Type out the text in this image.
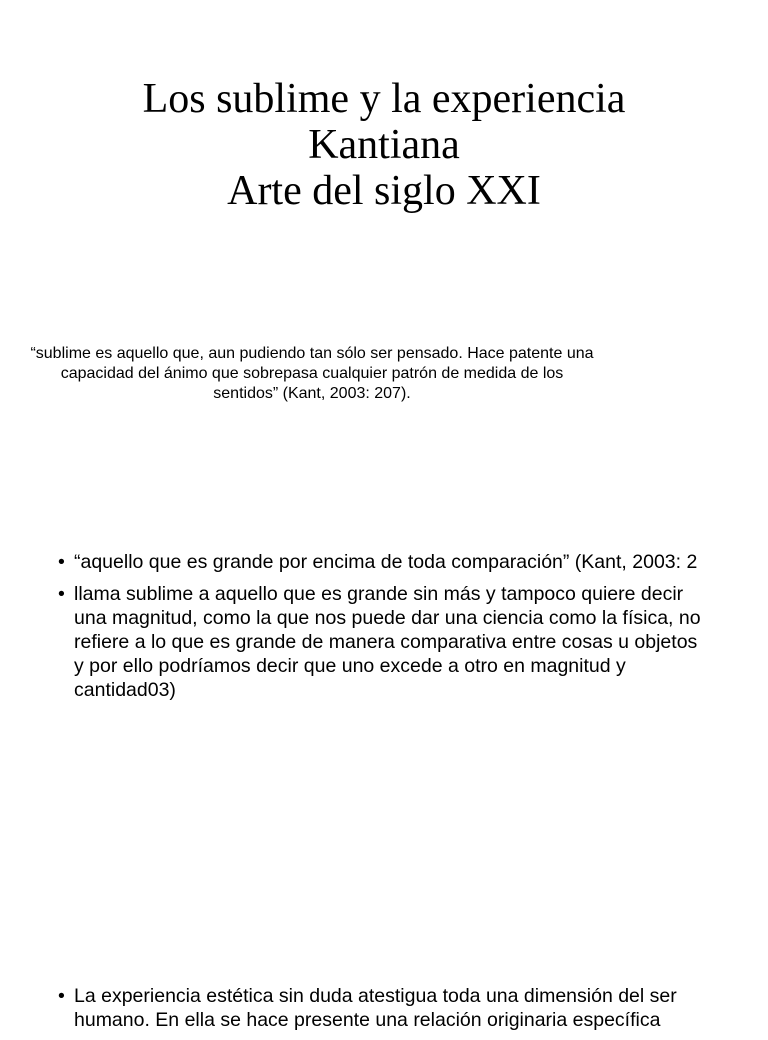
Los sublime y la experiencia
Kantiana
Arte del siglo XXI

“sublime es aquello que, aun pudiendo tan sólo ser pensado. Hace patente una capacidad del ánimo que sobrepasa cualquier patrón de medida de los sentidos” (Kant, 2003: 207).

• “aquello que es grande por encima de toda comparación” (Kant, 2003: 2
• llama sublime a aquello que es grande sin más y tampoco quiere decir una magnitud, como la que nos puede dar una ciencia como la física, no refiere a lo que es grande de manera comparativa entre cosas u objetos y por ello podríamos decir que uno excede a otro en magnitud y cantidad03)
• La experiencia estética sin duda atestigua toda una dimensión del ser humano. En ella se hace presente una relación originaria específica
